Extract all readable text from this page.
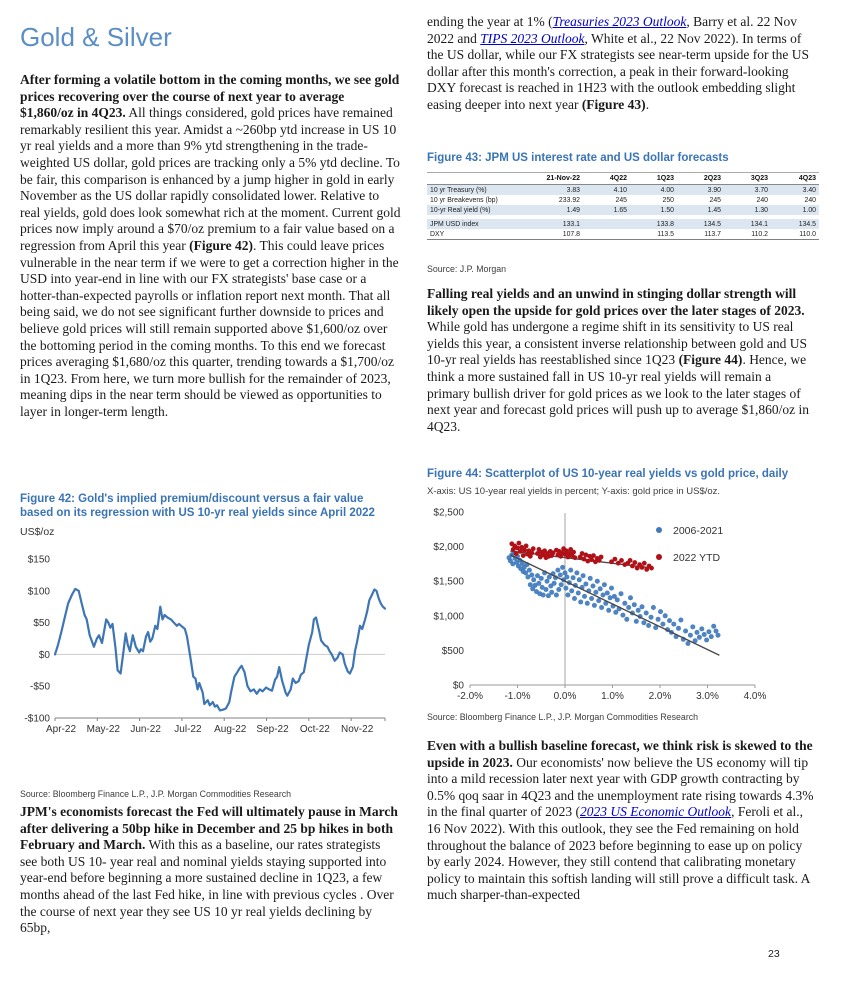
Gold & Silver
After forming a volatile bottom in the coming months, we see gold prices recovering over the course of next year to average $1,860/oz in 4Q23. All things considered, gold prices have remained remarkably resilient this year. Amidst a ~260bp ytd increase in US 10 yr real yields and a more than 9% ytd strengthening in the trade-weighted US dollar, gold prices are tracking only a 5% ytd decline. To be fair, this comparison is enhanced by a jump higher in gold in early November as the US dollar rapidly consolidated lower. Relative to real yields, gold does look somewhat rich at the moment. Current gold prices now imply around a $70/oz premium to a fair value based on a regression from April this year (Figure 42). This could leave prices vulnerable in the near term if we were to get a correction higher in the USD into year-end in line with our FX strategists' base case or a hotter-than-expected payrolls or inflation report next month. That all being said, we do not see significant further downside to prices and believe gold prices will still remain supported above $1,600/oz over the bottoming period in the coming months. To this end we forecast prices averaging $1,680/oz this quarter, trending towards a $1,700/oz in 1Q23. From here, we turn more bullish for the remainder of 2023, meaning dips in the near term should be viewed as opportunities to layer in longer-term length.
Figure 42: Gold's implied premium/discount versus a fair value based on its regression with US 10-yr real yields since April 2022
US$/oz
$150
$100
$50
$0
-$50
-$100
Apr-22 May-22 Jun-22 Jul-22 Aug-22 Sep-22 Oct-22 Nov-22
Source: Bloomberg Finance L.P., J.P. Morgan Commodities Research
JPM's economists forecast the Fed will ultimately pause in March after delivering a 50bp hike in December and 25 bp hikes in both February and March. With this as a baseline, our rates strategists see both US 10- year real and nominal yields staying supported into year-end before beginning a more sustained decline in 1Q23, a few months ahead of the last Fed hike, in line with previous cycles . Over the course of next year they see US 10 yr real yields declining by 65bp,
ending the year at 1% (Treasuries 2023 Outlook, Barry et al. 22 Nov 2022 and TIPS 2023 Outlook, White et al., 22 Nov 2022). In terms of the US dollar, while our FX strategists see near-term upside for the US dollar after this month's correction, a peak in their forward-looking DXY forecast is reached in 1H23 with the outlook embedding slight easing deeper into next year (Figure 43).
Figure 43: JPM US interest rate and US dollar forecasts
	21-Nov-22	4Q22	1Q23	2Q23	3Q23	4Q23
10 yr Treasury (%)	3.83	4.10	4.00	3.90	3.70	3.40
10 yr Breakevens (bp)	233.92	245	250	245	240	240
10-yr Real yield (%)	1.49	1.65	1.50	1.45	1.30	1.00

JPM USD index	133.1		133.8	134.5	134.1	134.5
DXY	107.8		113.5	113.7	110.2	110.0
Source: J.P. Morgan
Falling real yields and an unwind in stinging dollar strength will likely open the upside for gold prices over the later stages of 2023. While gold has undergone a regime shift in its sensitivity to US real yields this year, a consistent inverse relationship between gold and US 10-yr real yields has reestablished since 1Q23 (Figure 44). Hence, we think a more sustained fall in US 10-yr real yields will remain a primary bullish driver for gold prices as we look to the later stages of next year and forecast gold prices will push up to average $1,860/oz in 4Q23.
Figure 44: Scatterplot of US 10-year real yields vs gold price, daily
X-axis: US 10-year real yields in percent; Y-axis: gold price in US$/oz.
-2.0% -1.0% 0.0% 1.0% 2.0% 3.0% 4.0%
$0
$500
$1,000
$1,500
$2,000
$2,500
2006-2021
2022 YTD
Source: Bloomberg Finance L.P., J.P. Morgan Commodities Research
Even with a bullish baseline forecast, we think risk is skewed to the upside in 2023. Our economists' now believe the US economy will tip into a mild recession later next year with GDP growth contracting by 0.5% qoq saar in 4Q23 and the unemployment rate rising towards 4.3% in the final quarter of 2023 (2023 US Economic Outlook, Feroli et al., 16 Nov 2022). With this outlook, they see the Fed remaining on hold throughout the balance of 2023 before beginning to ease up on policy by early 2024. However, they still contend that calibrating monetary policy to maintain this softish landing will still prove a difficult task. A much sharper-than-expected
23
